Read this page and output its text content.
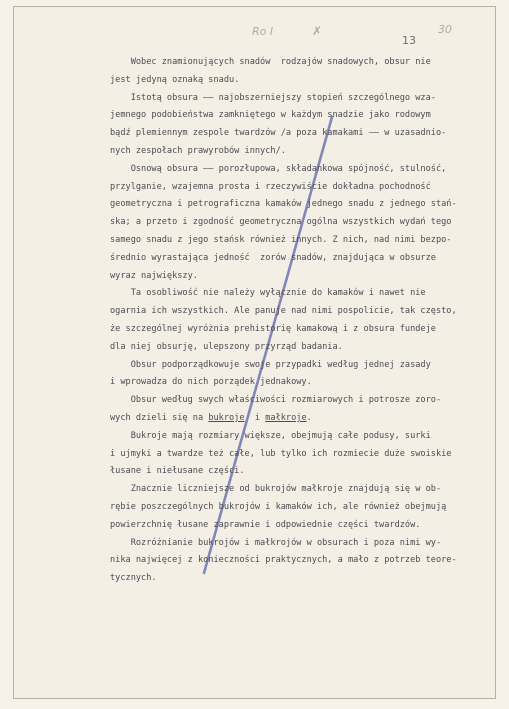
Ro I	✗
13
30
Wobec znamionujących snadów  rodzajów snadowych, obsur nie
jest jedyną oznaką snadu.
Istotą obsura —— najobszerniejszy stopień szczególnego wza-
jemnego podobieństwa zamkniętego w każdym snadzie jako rodowym
bądź plemiennym zespole twardzów /a poza kamakami —— w uzasadnio-
nych zespołach prawyrobów innych/.
Osnową obsura —— porozłupowa, składankowa spójność, stulność,
przylganie, wzajemna prosta i rzeczywiście dokładna pochodność
geometryczna i petrograficzna kamaków jednego snadu z jednego stań-
ska; a przeto i zgodność geometryczna ogólna wszystkich wydań tego
samego snadu z jego stańsk również innych. Z nich, nad nimi bezpo-
średnio wyrastająca jedność  zorów snadów, znajdująca w obsurze
wyraz największy.
Ta osobliwość nie należy wyłącznie do kamaków i nawet nie
ogarnia ich wszystkich. Ale panuje nad nimi pospolicie, tak często,
że szczególnej wyróżnia prehistorię kamakową i z obsura fundeje
dla niej obsurję, ulepszony przyrząd badania.
Obsur podporządkowuje swoje przypadki według jednej zasady
i wprowadza do nich porządek jednakowy.
Obsur według swych właściwości rozmiarowych i potrosze zoro-
wych dzieli się na bukroje  i małkroje.
Bukroje mają rozmiary większe, obejmują całe podusy, surki
i ujmyki a twardze też całe, lub tylko ich rozmiecie duże swoiskie
łusane i niełusane części.
Znacznie liczniejsze od bukrojów małkroje znajdują się w ob-
rębie poszczególnych bukrojów i kamaków ich, ale również obejmują
powierzchnię łusane zaprawnie i odpowiednie części twardzów.
Rozróżnianie bukrojów i małkrojów w obsurach i poza nimi wy-
nika najwięcej z konieczności praktycznych, a mało z potrzeb teore-
tycznych.
